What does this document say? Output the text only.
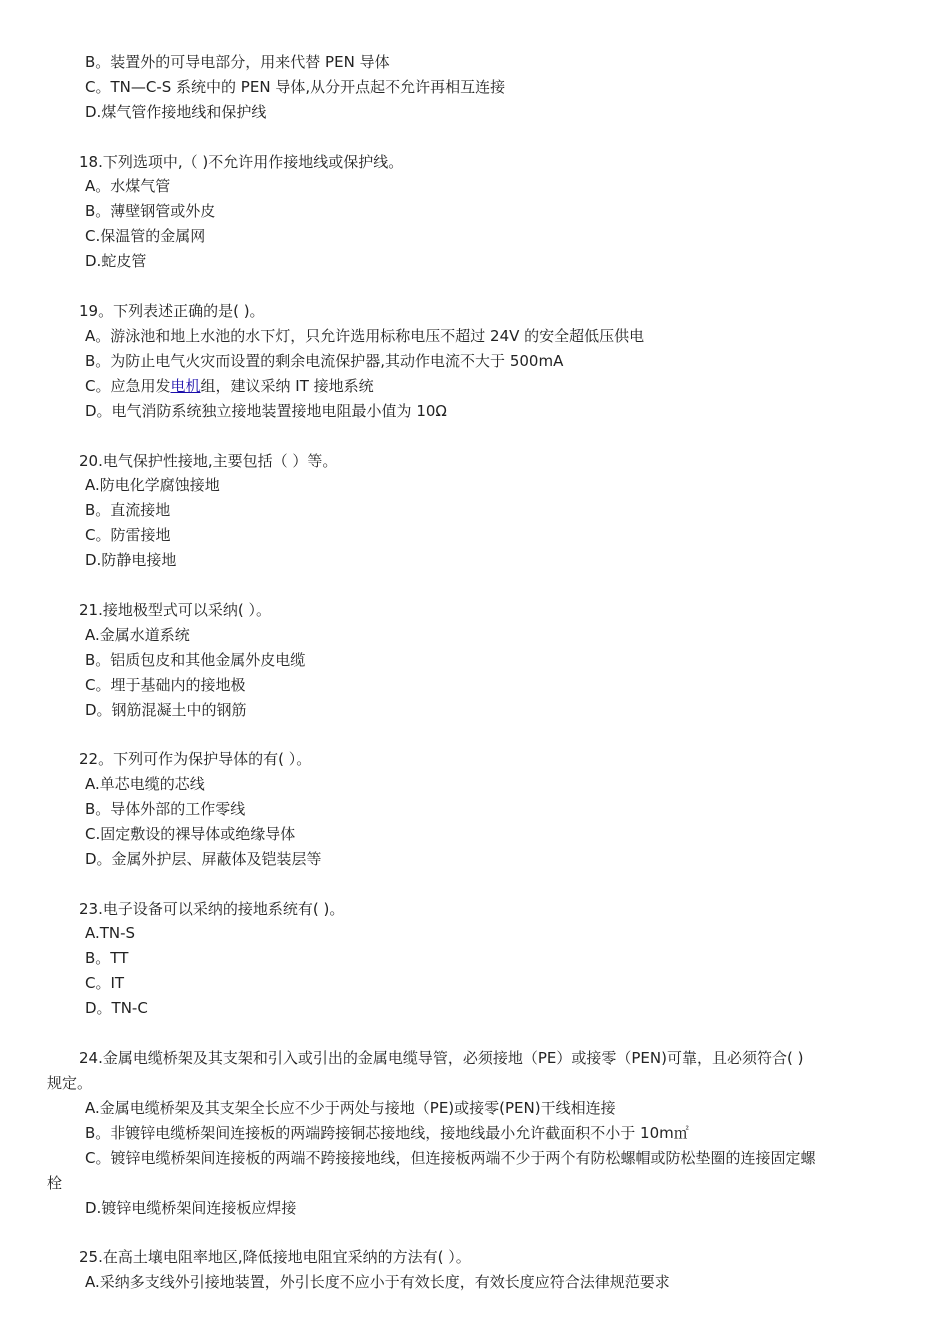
B。装置外的可导电部分，用来代替 PEN 导体
C。TN—C-S 系统中的 PEN 导体,从分开点起不允许再相互连接
D.煤气管作接地线和保护线
18.下列选项中,（ )不允许用作接地线或保护线。
A。水煤气管
B。薄壁钢管或外皮
C.保温管的金属网
D.蛇皮管
19。下列表述正确的是( )。
A。游泳池和地上水池的水下灯，只允许选用标称电压不超过 24V 的安全超低压供电
B。为防止电气火灾而设置的剩余电流保护器,其动作电流不大于 500mA
C。应急用发电机组，建议采纳 IT 接地系统
D。电气消防系统独立接地装置接地电阻最小值为 10Ω
20.电气保护性接地,主要包括（ ）等。
A.防电化学腐蚀接地
B。直流接地
C。防雷接地
D.防静电接地
21.接地极型式可以采纳( ）。
A.金属水道系统
B。铝质包皮和其他金属外皮电缆
C。埋于基础内的接地极
D。钢筋混凝土中的钢筋
22。下列可作为保护导体的有( ）。
A.单芯电缆的芯线
B。导体外部的工作零线
C.固定敷设的裸导体或绝缘导体
D。金属外护层、屏蔽体及铠装层等
23.电子设备可以采纳的接地系统有( )。
A.TN-S
B。TT
C。IT
D。TN-C
24.金属电缆桥架及其支架和引入或引出的金属电缆导管，必须接地（PE）或接零（PEN)可靠，且必须符合( )
规定。
A.金属电缆桥架及其支架全长应不少于两处与接地（PE)或接零(PEN)干线相连接
B。非镀锌电缆桥架间连接板的两端跨接铜芯接地线，接地线最小允许截面积不小于 10m㎡
C。镀锌电缆桥架间连接板的两端不跨接接地线，但连接板两端不少于两个有防松螺帽或防松垫圈的连接固定螺
栓
D.镀锌电缆桥架间连接板应焊接
25.在高土壤电阻率地区,降低接地电阻宜采纳的方法有( ）。
A.采纳多支线外引接地装置，外引长度不应小于有效长度，有效长度应符合法律规范要求
